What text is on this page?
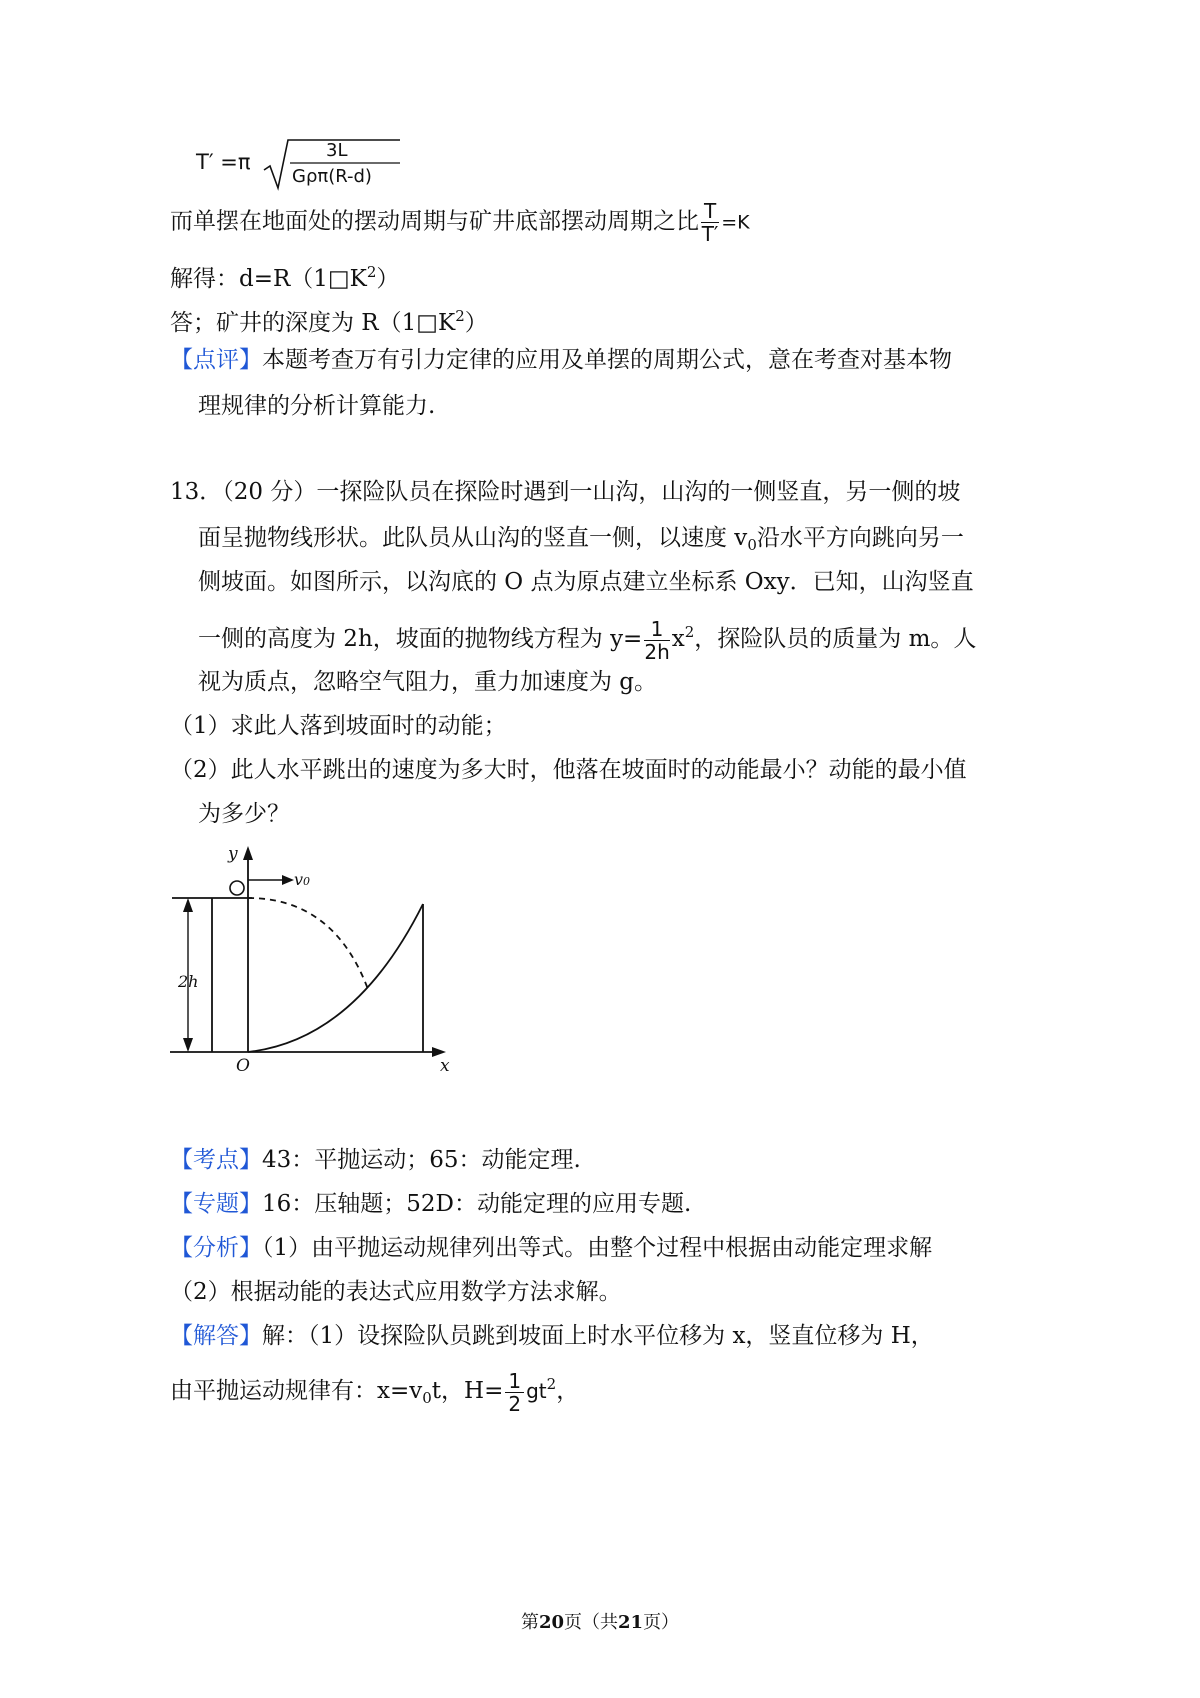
T′ =π	3L
Gρπ(R-d)
而单摆在地面处的摆动周期与矿井底部摆动周期之比 $\frac{T}{T'} =K$
解得：$d=R(1□K^2)$
答；矿井的深度为 $R(1□K^2)$
【点评】本题考查万有引力定律的应用及单摆的周期公式，意在考查对基本物
理规律的分析计算能力.
13．（20 分）一探险队员在探险时遇到一山沟，山沟的一侧竖直，另一侧的坡
面呈抛物线形状。此队员从山沟的竖直一侧，以速度 $v_0$沿水平方向跳向另一
侧坡面。如图所示，以沟底的 O 点为原点建立坐标系 Oxy．已知，山沟竖直
一侧的高度为 2h，坡面的抛物线方程为 $y= \frac{1}{2h} x^2$，探险队员的质量为 m。人
视为质点，忽略空气阻力，重力加速度为 g。
（1）求此人落到坡面时的动能；
（2）此人水平跳出的速度为多大时，他落在坡面时的动能最小？动能的最小值
为多少？
y
x
O
v0
2h
【考点】43：平抛运动；65：动能定理.
【专题】16：压轴题；52D：动能定理的应用专题.
【分析】（1）由平抛运动规律列出等式。由整个过程中根据由动能定理求解
（2）根据动能的表达式应用数学方法求解。
【解答】解：（1）设探险队员跳到坡面上时水平位移为 x，竖直位移为 H，
由平抛运动规律有：$x=v_0t$，$H= \frac{1}{2} gt^2$，
第20页（共21页）
